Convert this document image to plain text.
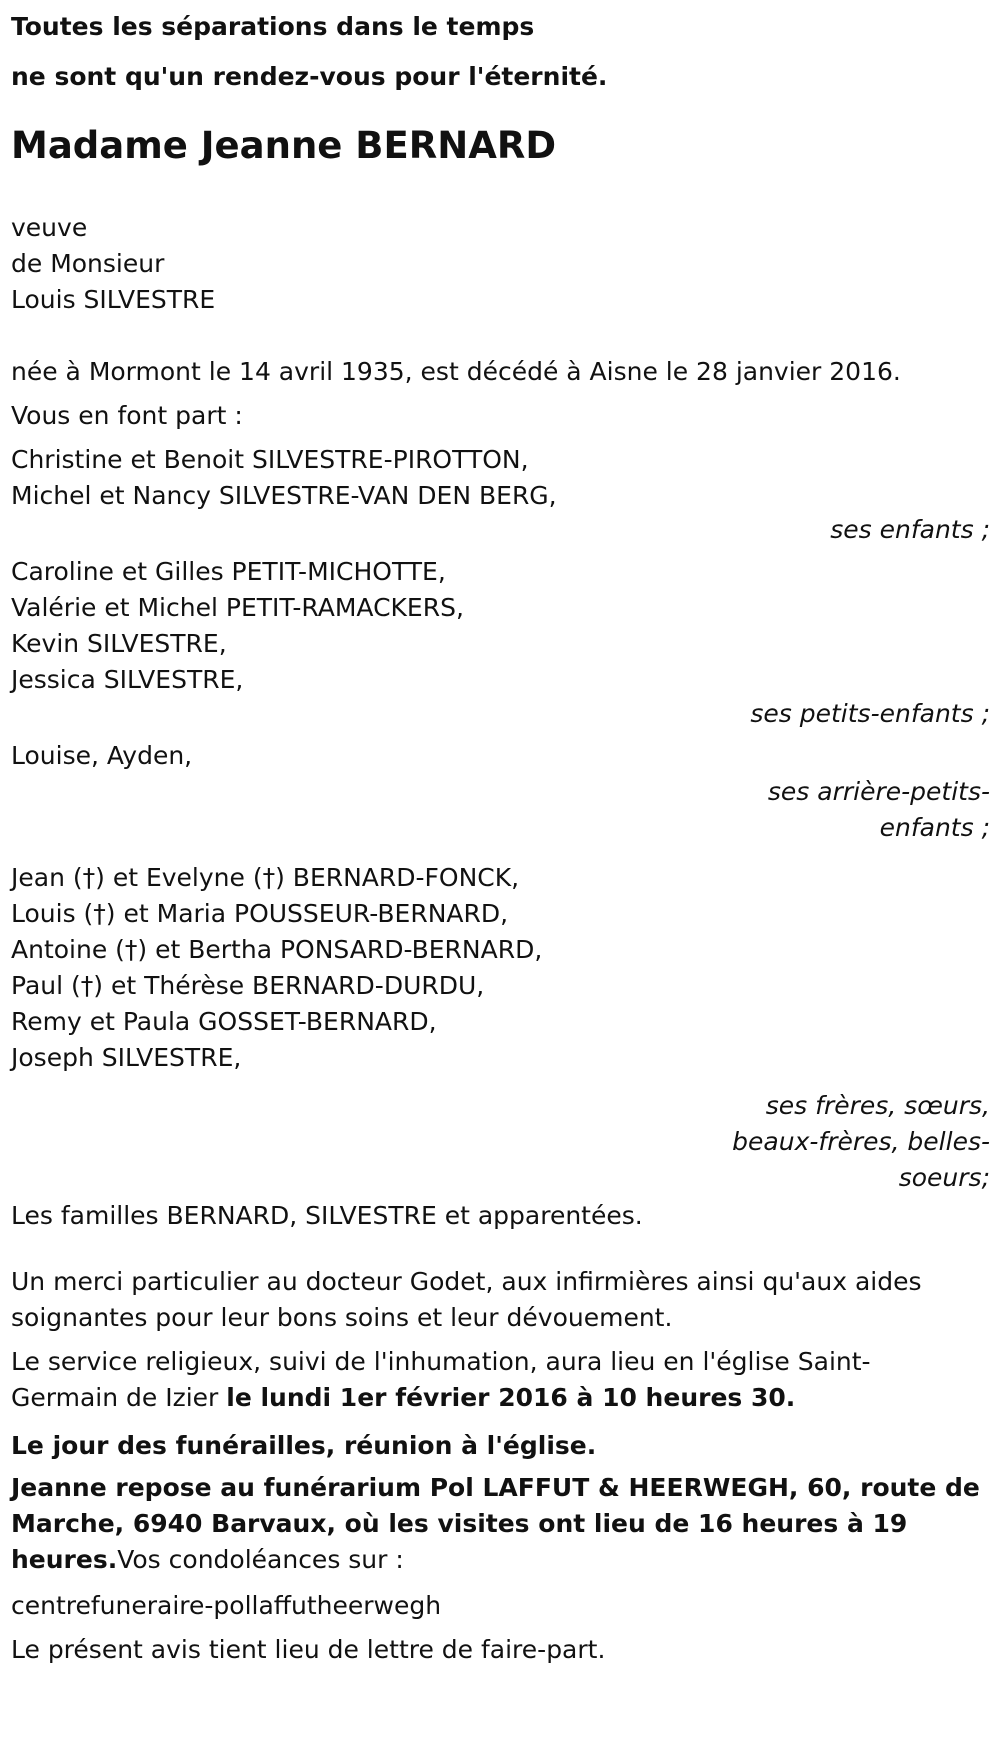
Toutes les séparations dans le temps
ne sont qu'un rendez-vous pour l'éternité.
Madame Jeanne BERNARD
veuve
de Monsieur
Louis SILVESTRE
née à Mormont le 14 avril 1935, est décédé à Aisne le 28 janvier 2016.
Vous en font part :
Christine et Benoit SILVESTRE-PIROTTON,
Michel et Nancy SILVESTRE-VAN DEN BERG,
ses enfants ;
Caroline et Gilles PETIT-MICHOTTE,
Valérie et Michel PETIT-RAMACKERS,
Kevin SILVESTRE,
Jessica SILVESTRE,
ses petits-enfants ;
Louise, Ayden,
ses arrière-petits-
enfants ;
Jean (†) et Evelyne (†) BERNARD-FONCK,
Louis (†) et Maria POUSSEUR-BERNARD,
Antoine (†) et Bertha PONSARD-BERNARD,
Paul (†) et Thérèse BERNARD-DURDU,
Remy et Paula GOSSET-BERNARD,
Joseph SILVESTRE,
ses frères, sœurs,
beaux-frères, belles-
soeurs;
Les familles BERNARD, SILVESTRE et apparentées.
Un merci particulier au docteur Godet, aux infirmières ainsi qu'aux aides
soignantes pour leur bons soins et leur dévouement.
Le service religieux, suivi de l'inhumation, aura lieu en l'église Saint-
Germain de Izier le lundi 1er février 2016 à 10 heures 30.
Le jour des funérailles, réunion à l'église.
Jeanne repose au funérarium Pol LAFFUT & HEERWEGH, 60, route de
Marche, 6940 Barvaux, où les visites ont lieu de 16 heures à 19
heures.Vos condoléances sur :
centrefuneraire-pollaffutheerwegh
Le présent avis tient lieu de lettre de faire-part.
